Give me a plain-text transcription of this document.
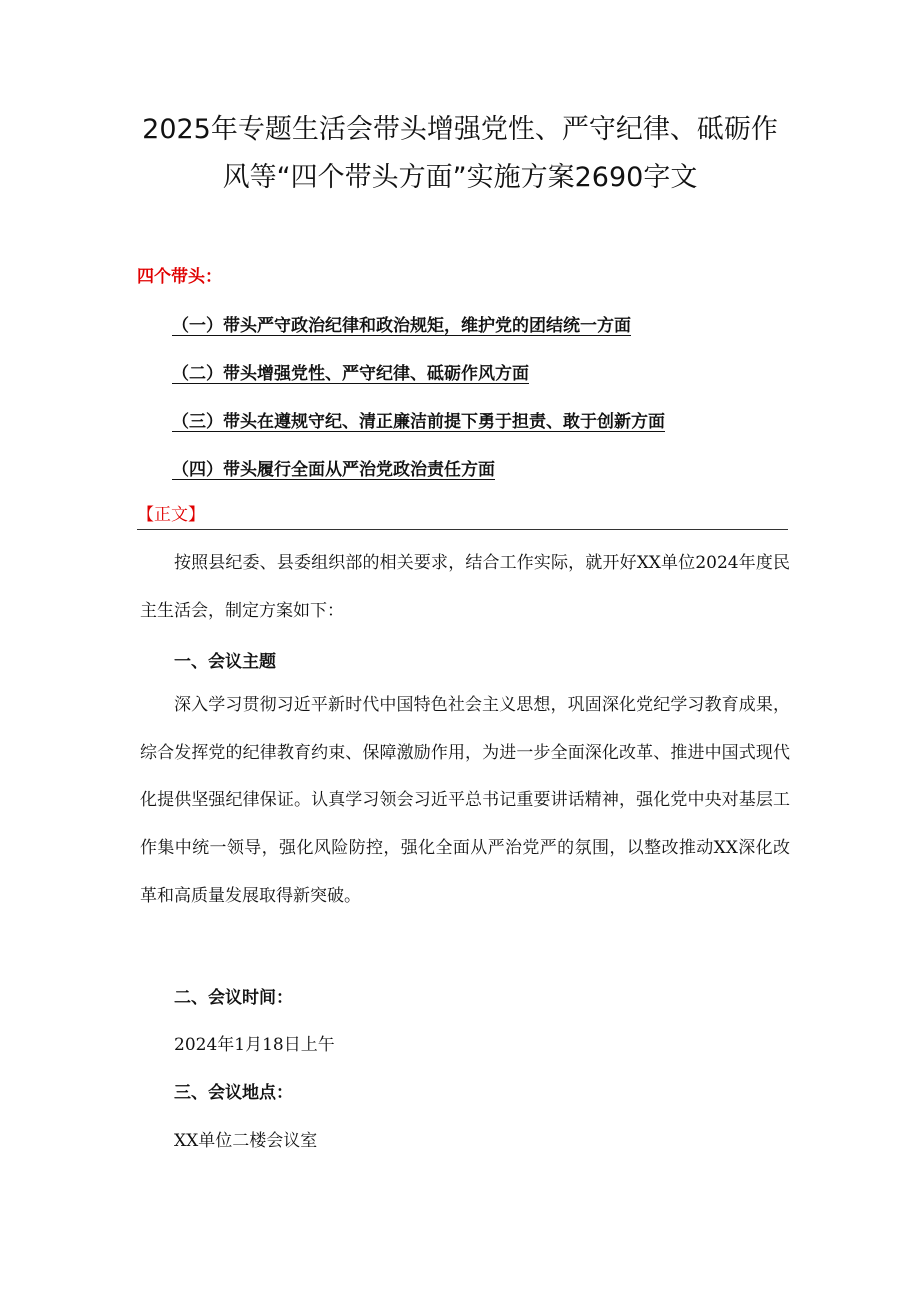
2025年专题生活会带头增强党性、严守纪律、砥砺作
风等“四个带头方面”实施方案2690字文
四个带头：
（一）带头严守政治纪律和政治规矩，维护党的团结统一方面
（二）带头增强党性、严守纪律、砥砺作风方面
（三）带头在遵规守纪、清正廉洁前提下勇于担责、敢于创新方面
（四）带头履行全面从严治党政治责任方面
【正文】

按照县纪委、县委组织部的相关要求，结合工作实际，就开好XX单位2024年度民主生活会，制定方案如下：

一、会议主题

深入学习贯彻习近平新时代中国特色社会主义思想，巩固深化党纪学习教育成果，综合发挥党的纪律教育约束、保障激励作用，为进一步全面深化改革、推进中国式现代化提供坚强纪律保证。认真学习领会习近平总书记重要讲话精神，强化党中央对基层工作集中统一领导，强化风险防控，强化全面从严治党严的氛围，以整改推动XX深化改革和高质量发展取得新突破。

二、会议时间：
2024年1月18日上午
三、会议地点：
XX单位二楼会议室
